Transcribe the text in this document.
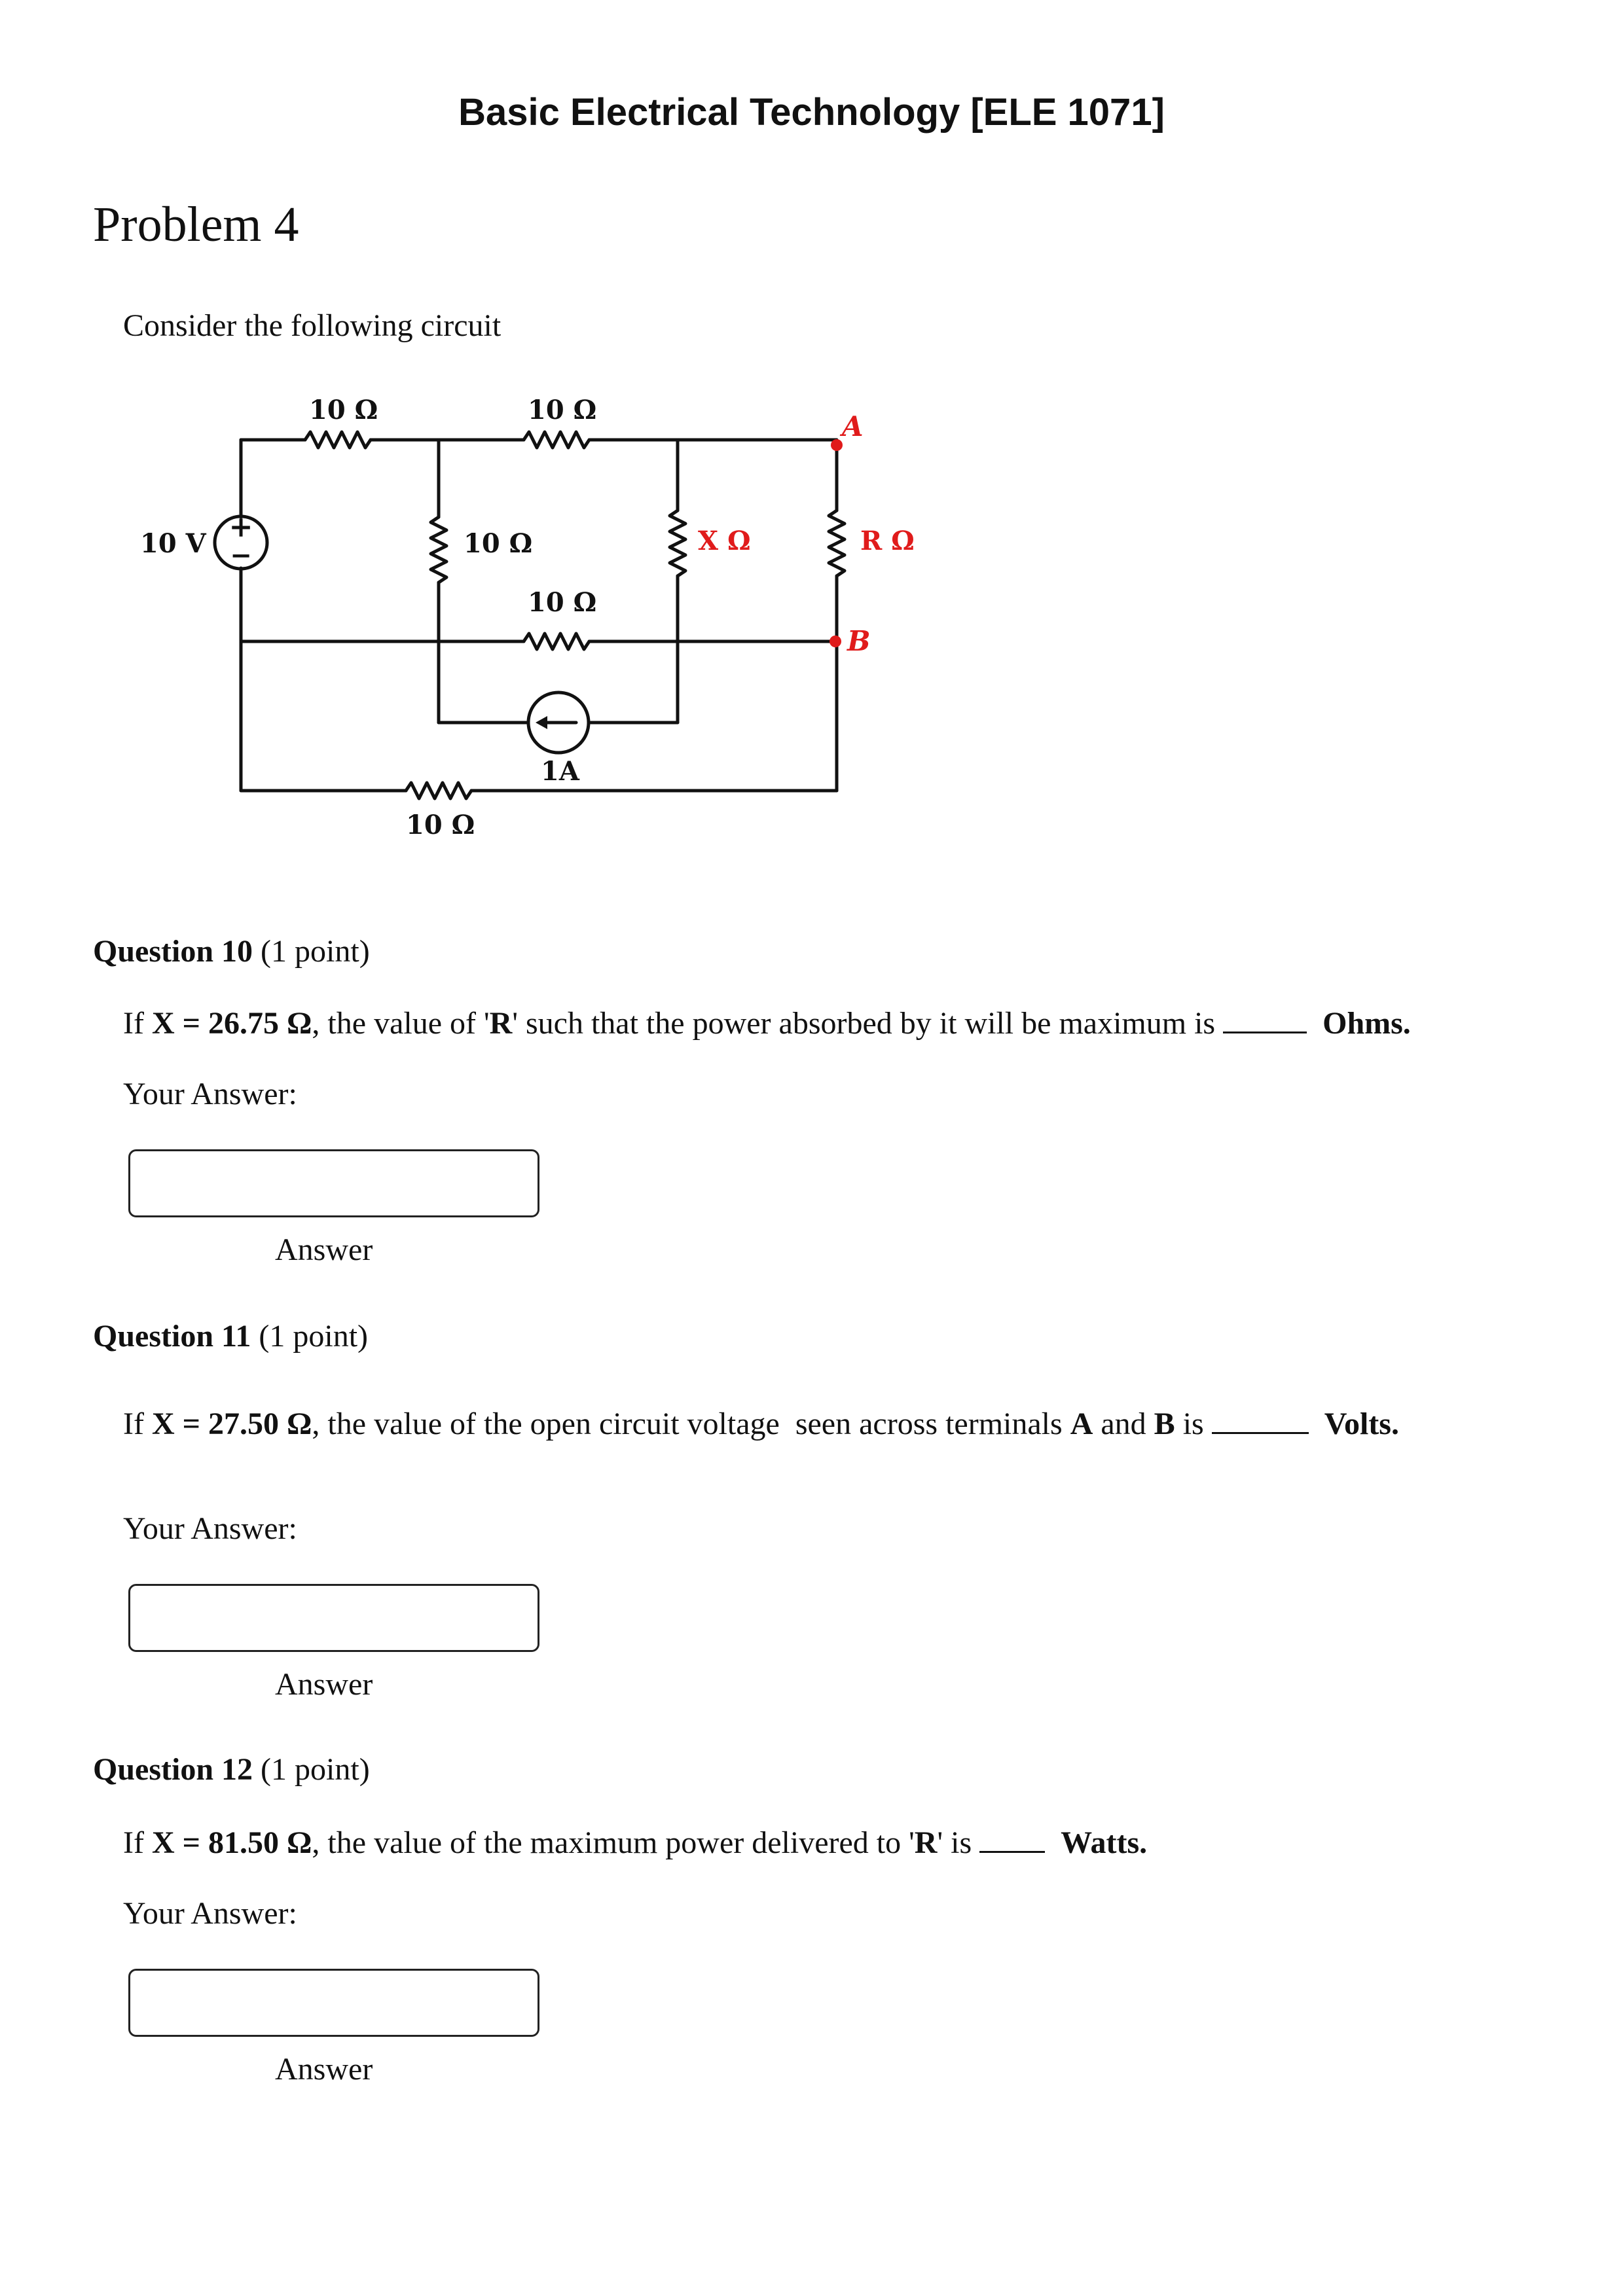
Basic Electrical Technology [ELE 1071]
Problem 4
Consider the following circuit
+
−
10 V
10 Ω	10 Ω
10 Ω	X Ω	R Ω
10 Ω
1A
10 Ω
A
B
Question 10 (1 point)
If X = 26.75 Ω, the value of 'R' such that the power absorbed by it will be maximum is	Ohms.
Your Answer:
Answer
Question 11 (1 point)
If X = 27.50 Ω, the value of the open circuit voltage  seen across terminals A and B is	Volts.
Your Answer:
Answer
Question 12 (1 point)
If X = 81.50 Ω, the value of the maximum power delivered to 'R' is	Watts.
Your Answer:
Answer
